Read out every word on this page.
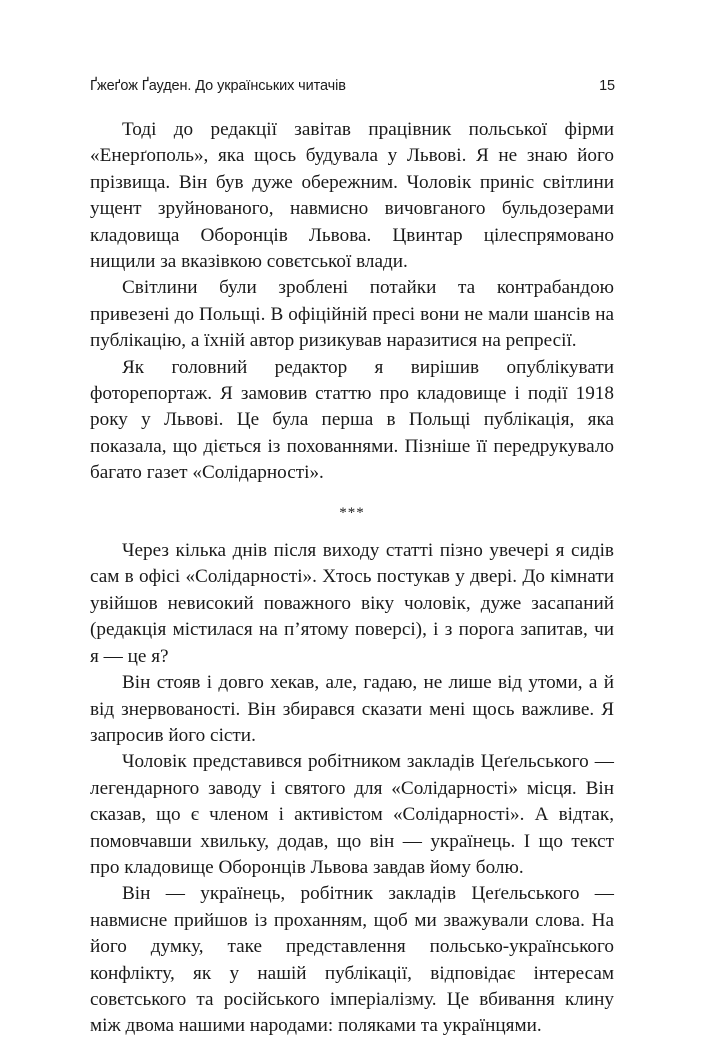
Ґжеґож Ґауден. До українських читачів	15

Тоді до редакції завітав працівник польської фірми «Енерґополь», яка щось будувала у Львові. Я не знаю його прізвища. Він був дуже обережним. Чоловік приніс світлини ущент зруйнованого, навмисно вичовганого бульдозерами кладовища Оборонців Львова. Цвинтар цілеспрямовано нищили за вказівкою совєтської влади.

Світлини були зроблені потайки та контрабандою привезені до Польщі. В офіційній пресі вони не мали шансів на публікацію, а їхній автор ризикував наразитися на репресії.

Як головний редактор я вирішив опублікувати фоторепортаж. Я замовив статтю про кладовище і події 1918 року у Львові. Це була перша в Польщі публікація, яка показала, що діється із похованнями. Пізніше її передрукувало багато газет «Солідарності».

***

Через кілька днів після виходу статті пізно увечері я сидів сам в офісі «Солідарності». Хтось постукав у двері. До кімнати увійшов невисокий поважного віку чоловік, дуже засапаний (редакція містилася на п’ятому поверсі), і з порога запитав, чи я — це я?

Він стояв і довго хекав, але, гадаю, не лише від утоми, а й від знервованості. Він збирався сказати мені щось важливе. Я запросив його сісти.

Чоловік представився робітником закладів Цеґельського — легендарного заводу і святого для «Солідарності» місця. Він сказав, що є членом і активістом «Солідарності». А відтак, помовчавши хвильку, додав, що він — українець. І що текст про кладовище Оборонців Львова завдав йому болю.

Він — українець, робітник закладів Цеґельського — навмисне прийшов із проханням, щоб ми зважували слова. На його думку, таке представлення польсько-українського конфлікту, як у нашій публікації, відповідає інтересам совєтського та російського імперіалізму. Це вбивання клину між двома нашими народами: поляками та українцями.
